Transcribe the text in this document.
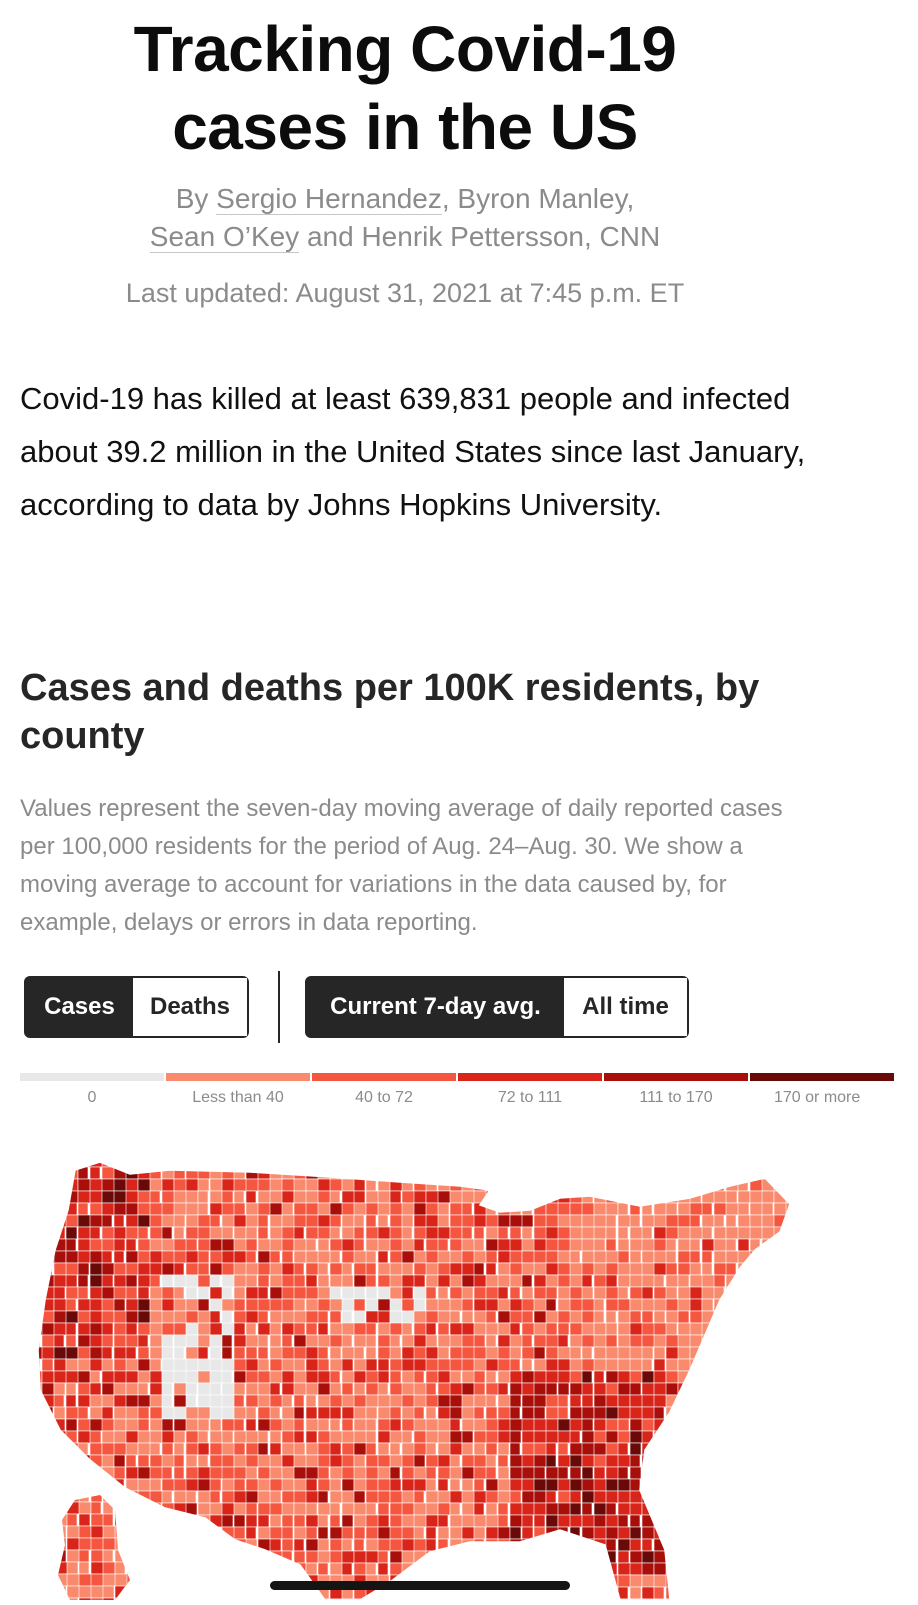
Tracking Covid-19
cases in the US
By Sergio Hernandez, Byron Manley,
Sean O’Key and Henrik Pettersson, CNN
Last updated: August 31, 2021 at 7:45 p.m. ET

Covid-19 has killed at least 639,831 people and infected about 39.2 million in the United States since last January, according to data by Johns Hopkins University.

Cases and deaths per 100K residents, by county

Values represent the seven-day moving average of daily reported cases per 100,000 residents for the period of Aug. 24–Aug. 30. We show a moving average to account for variations in the data caused by, for example, delays or errors in data reporting.

Cases	Deaths	Current 7-day avg.	All time
0	Less than 40	40 to 72	72 to 111	111 to 170	170 or more
